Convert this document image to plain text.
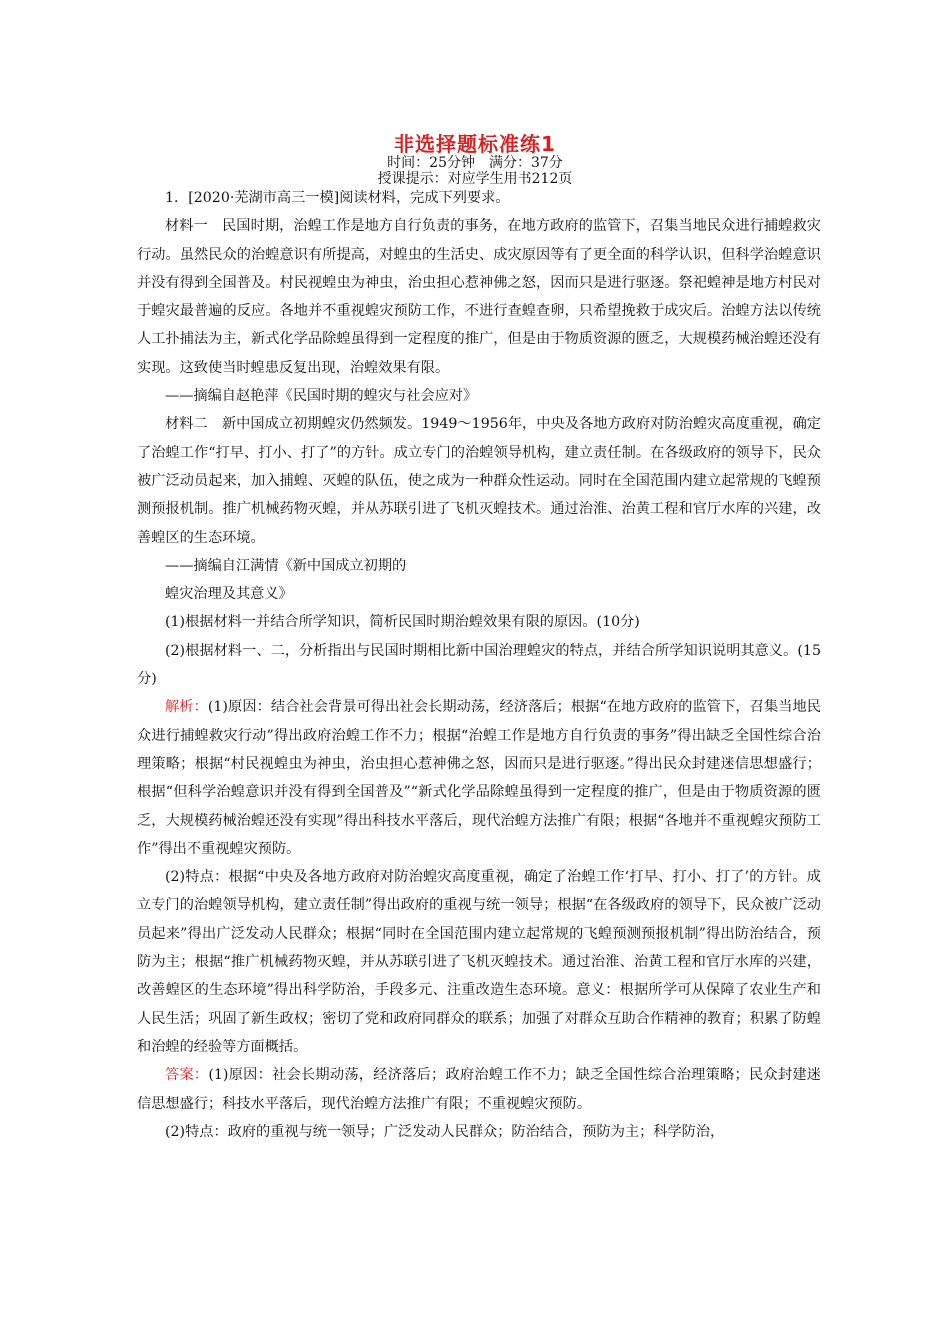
非选择题标准练1
时间：25分钟　满分：37分
授课提示：对应学生用书212页

1．[2020·芜湖市高三一模]阅读材料，完成下列要求。

材料一　民国时期，治蝗工作是地方自行负责的事务，在地方政府的监管下，召集当地民众进行捕蝗救灾行动。虽然民众的治蝗意识有所提高，对蝗虫的生活史、成灾原因等有了更全面的科学认识，但科学治蝗意识并没有得到全国普及。村民视蝗虫为神虫，治虫担心惹神佛之怒，因而只是进行驱逐。祭祀蝗神是地方村民对于蝗灾最普遍的反应。各地并不重视蝗灾预防工作，不进行查蝗查卵，只希望挽救于成灾后。治蝗方法以传统人工扑捕法为主，新式化学品除蝗虽得到一定程度的推广，但是由于物质资源的匮乏，大规模药械治蝗还没有实现。这致使当时蝗患反复出现，治蝗效果有限。

——摘编自赵艳萍《民国时期的蝗灾与社会应对》

材料二　新中国成立初期蝗灾仍然频发。1949～1956年，中央及各地方政府对防治蝗灾高度重视，确定了治蝗工作“打早、打小、打了”的方针。成立专门的治蝗领导机构，建立责任制。在各级政府的领导下，民众被广泛动员起来，加入捕蝗、灭蝗的队伍，使之成为一种群众性运动。同时在全国范围内建立起常规的飞蝗预测预报机制。推广机械药物灭蝗，并从苏联引进了飞机灭蝗技术。通过治淮、治黄工程和官厅水库的兴建，改善蝗区的生态环境。

——摘编自江满情《新中国成立初期的

蝗灾治理及其意义》

(1)根据材料一并结合所学知识，简析民国时期治蝗效果有限的原因。(10分)

(2)根据材料一、二，分析指出与民国时期相比新中国治理蝗灾的特点，并结合所学知识说明其意义。(15分)

解析：(1)原因：结合社会背景可得出社会长期动荡，经济落后；根据“在地方政府的监管下，召集当地民众进行捕蝗救灾行动”得出政府治蝗工作不力；根据“治蝗工作是地方自行负责的事务”得出缺乏全国性综合治理策略；根据“村民视蝗虫为神虫，治虫担心惹神佛之怒，因而只是进行驱逐。”得出民众封建迷信思想盛行；根据“但科学治蝗意识并没有得到全国普及”“新式化学品除蝗虽得到一定程度的推广，但是由于物质资源的匮乏，大规模药械治蝗还没有实现”得出科技水平落后，现代治蝗方法推广有限；根据“各地并不重视蝗灾预防工作”得出不重视蝗灾预防。

(2)特点：根据“中央及各地方政府对防治蝗灾高度重视，确定了治蝗工作‘打早、打小、打了’的方针。成立专门的治蝗领导机构，建立责任制”得出政府的重视与统一领导；根据“在各级政府的领导下，民众被广泛动员起来”得出广泛发动人民群众；根据“同时在全国范围内建立起常规的飞蝗预测预报机制”得出防治结合，预防为主；根据“推广机械药物灭蝗，并从苏联引进了飞机灭蝗技术。通过治淮、治黄工程和官厅水库的兴建，改善蝗区的生态环境”得出科学防治，手段多元、注重改造生态环境。意义：根据所学可从保障了农业生产和人民生活；巩固了新生政权；密切了党和政府同群众的联系；加强了对群众互助合作精神的教育；积累了防蝗和治蝗的经验等方面概括。

答案：(1)原因：社会长期动荡，经济落后；政府治蝗工作不力；缺乏全国性综合治理策略；民众封建迷信思想盛行；科技水平落后，现代治蝗方法推广有限；不重视蝗灾预防。

(2)特点：政府的重视与统一领导；广泛发动人民群众；防治结合，预防为主；科学防治，
